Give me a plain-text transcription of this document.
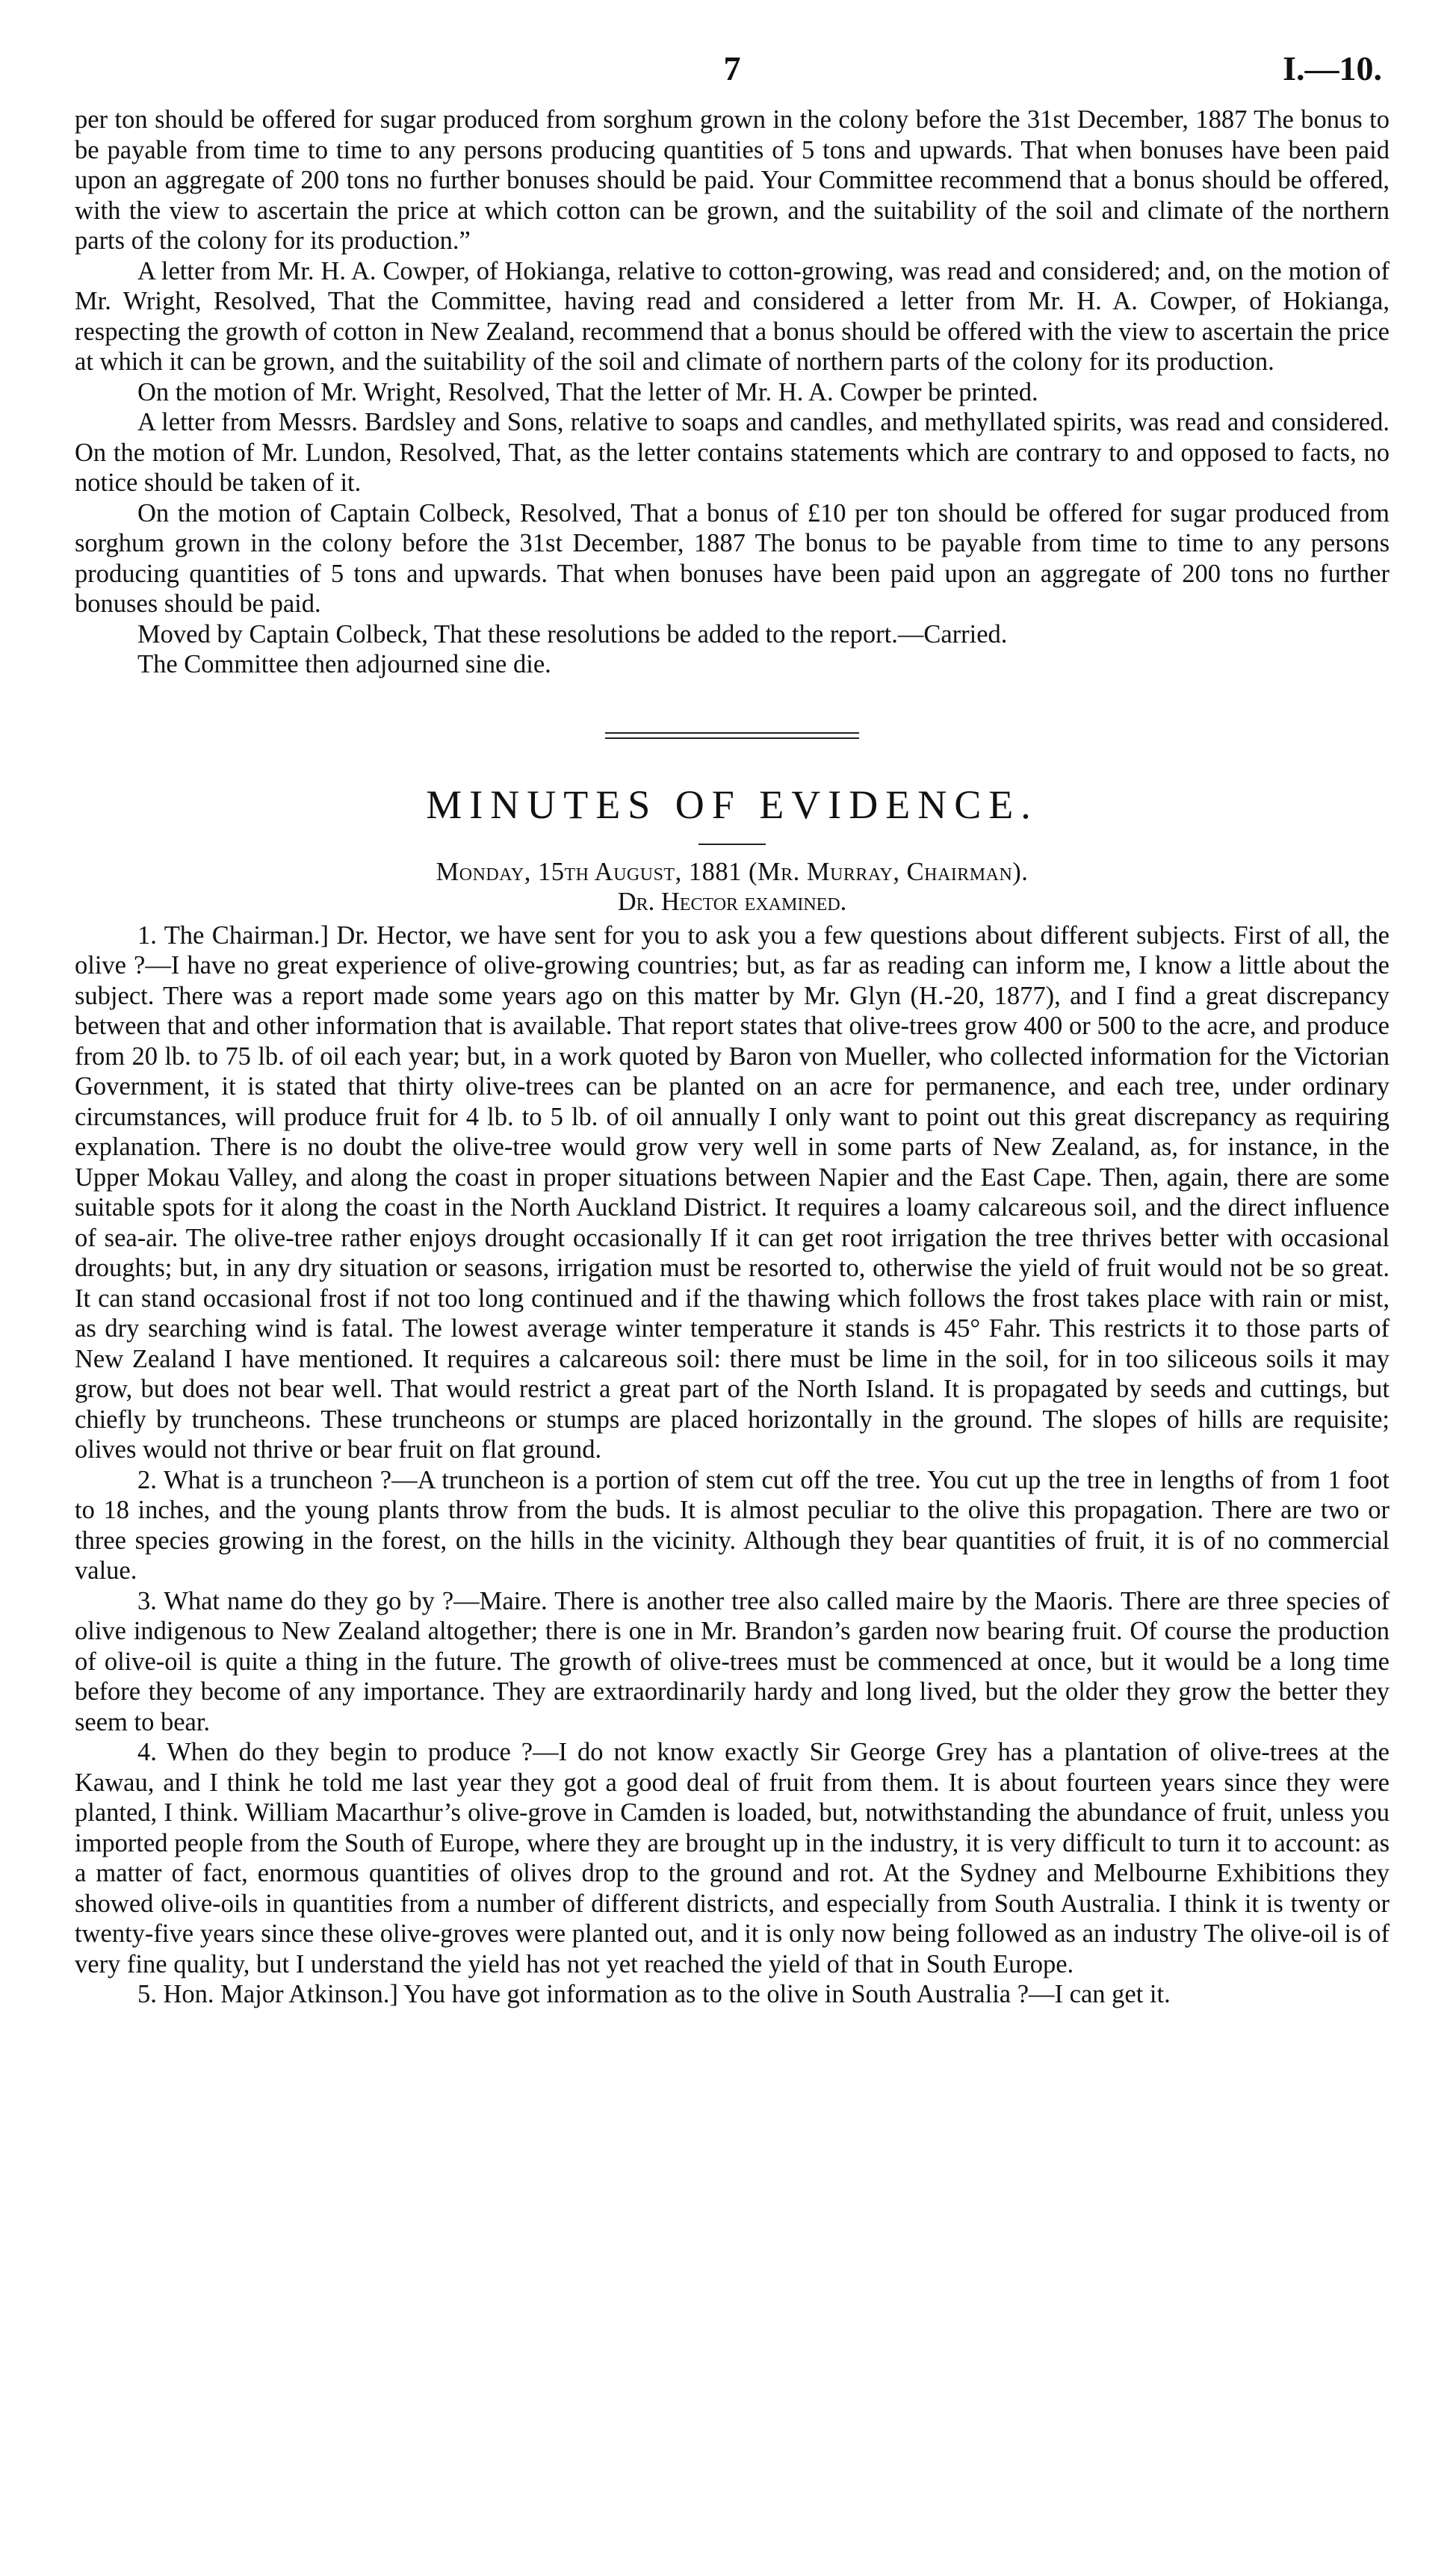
7	I.—10.

per ton should be offered for sugar produced from sorghum grown in the colony before the 31st December, 1887 The bonus to be payable from time to time to any persons producing quantities of 5 tons and upwards. That when bonuses have been paid upon an aggregate of 200 tons no further bonuses should be paid. Your Committee recommend that a bonus should be offered, with the view to ascertain the price at which cotton can be grown, and the suitability of the soil and climate of the northern parts of the colony for its production.”

A letter from Mr. H. A. Cowper, of Hokianga, relative to cotton-growing, was read and considered; and, on the motion of Mr. Wright, Resolved, That the Committee, having read and considered a letter from Mr. H. A. Cowper, of Hokianga, respecting the growth of cotton in New Zealand, recommend that a bonus should be offered with the view to ascertain the price at which it can be grown, and the suitability of the soil and climate of northern parts of the colony for its production.

On the motion of Mr. Wright, Resolved, That the letter of Mr. H. A. Cowper be printed.

A letter from Messrs. Bardsley and Sons, relative to soaps and candles, and methyllated spirits, was read and considered. On the motion of Mr. Lundon, Resolved, That, as the letter contains statements which are contrary to and opposed to facts, no notice should be taken of it.

On the motion of Captain Colbeck, Resolved, That a bonus of £10 per ton should be offered for sugar produced from sorghum grown in the colony before the 31st December, 1887 The bonus to be payable from time to time to any persons producing quantities of 5 tons and upwards. That when bonuses have been paid upon an aggregate of 200 tons no further bonuses should be paid.

Moved by Captain Colbeck, That these resolutions be added to the report.—Carried.

The Committee then adjourned sine die.

MINUTES OF EVIDENCE.
Monday, 15th August, 1881 (Mr. Murray, Chairman).
Dr. Hector examined.

1. The Chairman.] Dr. Hector, we have sent for you to ask you a few questions about different subjects. First of all, the olive ?—I have no great experience of olive-growing countries; but, as far as reading can inform me, I know a little about the subject. There was a report made some years ago on this matter by Mr. Glyn (H.-20, 1877), and I find a great discrepancy between that and other information that is available. That report states that olive-trees grow 400 or 500 to the acre, and produce from 20 lb. to 75 lb. of oil each year; but, in a work quoted by Baron von Mueller, who collected information for the Victorian Government, it is stated that thirty olive-trees can be planted on an acre for permanence, and each tree, under ordinary circumstances, will produce fruit for 4 lb. to 5 lb. of oil annually I only want to point out this great discrepancy as requiring explanation. There is no doubt the olive-tree would grow very well in some parts of New Zealand, as, for instance, in the Upper Mokau Valley, and along the coast in proper situations between Napier and the East Cape. Then, again, there are some suitable spots for it along the coast in the North Auckland District. It requires a loamy calcareous soil, and the direct influence of sea-air. The olive-tree rather enjoys drought occasionally If it can get root irrigation the tree thrives better with occasional droughts; but, in any dry situation or seasons, irrigation must be resorted to, otherwise the yield of fruit would not be so great. It can stand occasional frost if not too long continued and if the thawing which follows the frost takes place with rain or mist, as dry searching wind is fatal. The lowest average winter temperature it stands is 45° Fahr. This restricts it to those parts of New Zealand I have mentioned. It requires a calcareous soil: there must be lime in the soil, for in too siliceous soils it may grow, but does not bear well. That would restrict a great part of the North Island. It is propagated by seeds and cuttings, but chiefly by truncheons. These truncheons or stumps are placed horizontally in the ground. The slopes of hills are requisite; olives would not thrive or bear fruit on flat ground.

2. What is a truncheon ?—A truncheon is a portion of stem cut off the tree. You cut up the tree in lengths of from 1 foot to 18 inches, and the young plants throw from the buds. It is almost peculiar to the olive this propagation. There are two or three species growing in the forest, on the hills in the vicinity. Although they bear quantities of fruit, it is of no commercial value.

3. What name do they go by ?—Maire. There is another tree also called maire by the Maoris. There are three species of olive indigenous to New Zealand altogether; there is one in Mr. Brandon’s garden now bearing fruit. Of course the production of olive-oil is quite a thing in the future. The growth of olive-trees must be commenced at once, but it would be a long time before they become of any importance. They are extraordinarily hardy and long lived, but the older they grow the better they seem to bear.

4. When do they begin to produce ?—I do not know exactly Sir George Grey has a plantation of olive-trees at the Kawau, and I think he told me last year they got a good deal of fruit from them. It is about fourteen years since they were planted, I think. William Macarthur’s olive-grove in Camden is loaded, but, notwithstanding the abundance of fruit, unless you imported people from the South of Europe, where they are brought up in the industry, it is very difficult to turn it to account: as a matter of fact, enormous quantities of olives drop to the ground and rot. At the Sydney and Melbourne Exhibitions they showed olive-oils in quantities from a number of different districts, and especially from South Australia. I think it is twenty or twenty-five years since these olive-groves were planted out, and it is only now being followed as an industry The olive-oil is of very fine quality, but I understand the yield has not yet reached the yield of that in South Europe.

5. Hon. Major Atkinson.] You have got information as to the olive in South Australia ?—I can get it.
